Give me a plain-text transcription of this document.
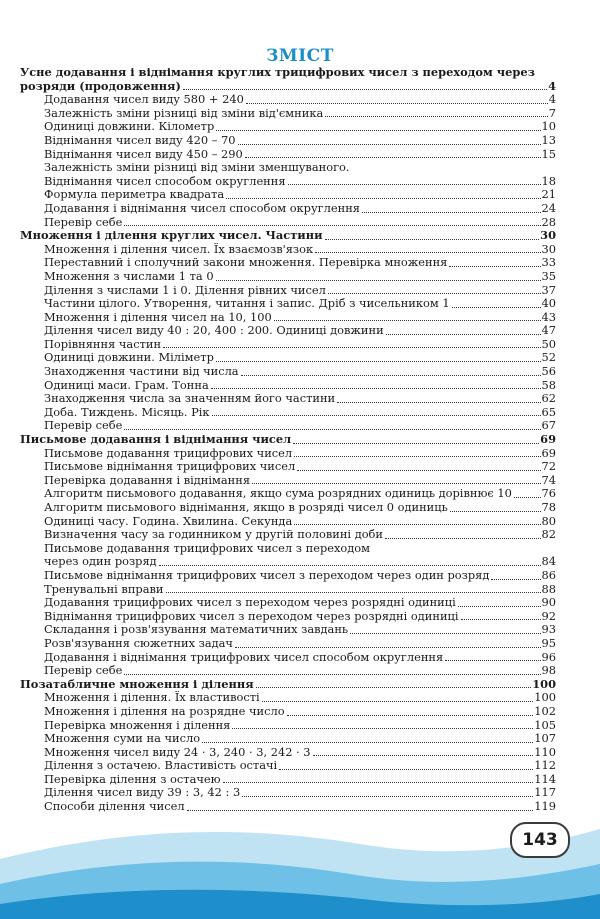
ЗМІСТ
Усне додавання і віднімання круглих трицифрових чисел з переходом через
розряди (продовження)	4
Додавання чисел виду 580 + 240	4
Залежність зміни різниці від зміни від'ємника	7
Одиниці довжини. Кілометр	10
Віднімання чисел виду 420 – 70	13
Віднімання чисел виду 450 – 290	15
Залежність зміни різниці від зміни зменшуваного.
Віднімання чисел способом округлення	18
Формула периметра квадрата	21
Додавання і віднімання чисел способом округлення	24
Перевір себе	28
Множення і ділення круглих чисел. Частини	30
Множення і ділення чисел. Їх взаємозв'язок	30
Переставний і сполучний закони множення. Перевірка множення	33
Множення з числами 1 та 0	35
Ділення з числами 1 і 0. Ділення рівних чисел	37
Частини цілого. Утворення, читання і запис. Дріб з чисельником 1	40
Множення і ділення чисел на 10, 100	43
Ділення чисел виду 40 : 20, 400 : 200. Одиниці довжини	47
Порівняння частин	50
Одиниці довжини. Міліметр	52
Знаходження частини від числа	56
Одиниці маси. Грам. Тонна	58
Знаходження числа за значенням його частини	62
Доба. Тиждень. Місяць. Рік	65
Перевір себе	67
Письмове додавання і віднімання чисел	69
Письмове додавання трицифрових чисел	69
Письмове віднімання трицифрових чисел	72
Перевірка додавання і віднімання	74
Алгоритм письмового додавання, якщо сума розрядних одиниць дорівнює 10	76
Алгоритм письмового віднімання, якщо в розряді чисел 0 одиниць	78
Одиниці часу. Година. Хвилина. Секунда	80
Визначення часу за годинником у другій половині доби	82
Письмове додавання трицифрових чисел з переходом
через один розряд	84
Письмове віднімання трицифрових чисел з переходом через один розряд	86
Тренувальні вправи	88
Додавання трицифрових чисел з переходом через розрядні одиниці	90
Віднімання трицифрових чисел з переходом через розрядні одиниці	92
Складання і розв'язування математичних завдань	93
Розв'язування сюжетних задач	95
Додавання і віднімання трицифрових чисел способом округлення	96
Перевір себе	98
Позатабличне множення і ділення	100
Множення і ділення. Їх властивості	100
Множення і ділення на розрядне число	102
Перевірка множення і ділення	105
Множення суми на число	107
Множення чисел виду 24 · 3, 240 · 3, 242 · 3	110
Ділення з остачею. Властивість остачі	112
Перевірка ділення з остачею	114
Ділення чисел виду 39 : 3, 42 : 3	117
Способи ділення чисел	119
143
